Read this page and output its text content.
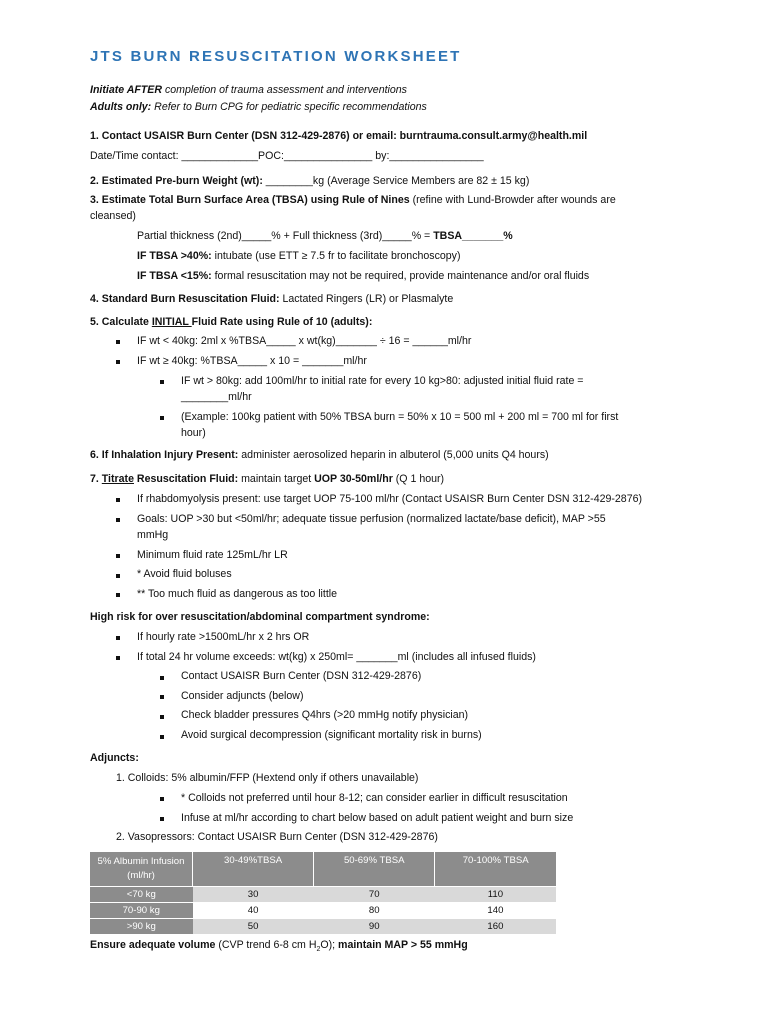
JTS BURN RESUSCITATION WORKSHEET
Initiate AFTER completion of trauma assessment and interventions
Adults only: Refer to Burn CPG for pediatric specific recommendations
1. Contact USAISR Burn Center (DSN 312-429-2876) or email: burntrauma.consult.army@health.mil
Date/Time contact: _____________POC:_______________ by:________________
2. Estimated Pre-burn Weight (wt): ________kg (Average Service Members are 82 ± 15 kg)
3. Estimate Total Burn Surface Area (TBSA) using Rule of Nines (refine with Lund-Browder after wounds are
cleansed)
Partial thickness (2nd)_____% + Full thickness (3rd)_____% = TBSA_______%
IF TBSA >40%: intubate (use ETT ≥ 7.5 fr to facilitate bronchoscopy)
IF TBSA <15%: formal resuscitation may not be required, provide maintenance and/or oral fluids
4. Standard Burn Resuscitation Fluid: Lactated Ringers (LR) or Plasmalyte
5. Calculate INITIAL Fluid Rate using Rule of 10 (adults):
IF wt < 40kg: 2ml x %TBSA_____ x wt(kg)_______ ÷ 16 = ______ml/hr
IF wt ≥ 40kg: %TBSA_____ x 10 = _______ml/hr
IF wt > 80kg: add 100ml/hr to initial rate for every 10 kg>80: adjusted initial fluid rate =
________ml/hr
(Example: 100kg patient with 50% TBSA burn = 50% x 10 = 500 ml + 200 ml = 700 ml for first
hour)
6. If Inhalation Injury Present: administer aerosolized heparin in albuterol (5,000 units Q4 hours)
7. Titrate Resuscitation Fluid: maintain target UOP 30-50ml/hr (Q 1 hour)
If rhabdomyolysis present: use target UOP 75-100 ml/hr (Contact USAISR Burn Center DSN 312-429-2876)
Goals: UOP >30 but <50ml/hr; adequate tissue perfusion (normalized lactate/base deficit), MAP >55
mmHg
Minimum fluid rate 125mL/hr LR
* Avoid fluid boluses
** Too much fluid as dangerous as too little
High risk for over resuscitation/abdominal compartment syndrome:
If hourly rate >1500mL/hr x 2 hrs OR
If total 24 hr volume exceeds: wt(kg) x 250ml= _______ml (includes all infused fluids)
Contact USAISR Burn Center (DSN 312-429-2876)
Consider adjuncts (below)
Check bladder pressures Q4hrs (>20 mmHg notify physician)
Avoid surgical decompression (significant mortality risk in burns)
Adjuncts:
1. Colloids: 5% albumin/FFP (Hextend only if others unavailable)
* Colloids not preferred until hour 8-12; can consider earlier in difficult resuscitation
Infuse at ml/hr according to chart below based on adult patient weight and burn size
2. Vasopressors: Contact USAISR Burn Center (DSN 312-429-2876)
5% Albumin Infusion
(ml/hr)	30-49%TBSA	50-69% TBSA	70-100% TBSA
<70 kg	30	70	110
70-90 kg	40	80	140
>90 kg	50	90	160
Ensure adequate volume (CVP trend 6-8 cm $H_2O$); maintain MAP > 55 mmHg
